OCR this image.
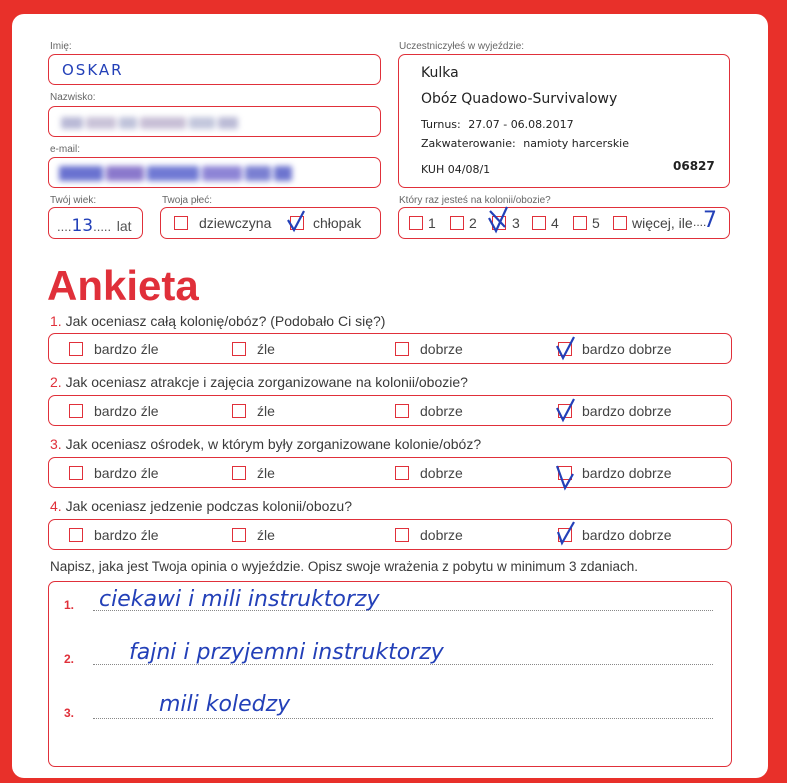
Imię:
OSKAR
Nazwisko:
e-mail:
Twój wiek:
....13..... lat
Twoja płeć:
dziewczyna	chłopak
Uczestniczyłeś w wyjeździe:
Kulka
Obóz Quadowo-Survivalowy
Turnus: 27.07 - 06.08.2017
Zakwaterowanie: namioty harcerskie
KUH 04/08/1	06827
Który raz jesteś na kolonii/obozie?
1 2	3 4 5 więcej, ile ....
7
Ankieta
1. Jak oceniasz całą kolonię/obóz? (Podobało Ci się?)
bardzo źle	źle	dobrze	bardzo dobrze
2. Jak oceniasz atrakcje i zajęcia zorganizowane na kolonii/obozie?
bardzo źle	źle	dobrze	bardzo dobrze
3. Jak oceniasz ośrodek, w którym były zorganizowane kolonie/obóz?
bardzo źle	źle	dobrze	bardzo dobrze
4. Jak oceniasz jedzenie podczas kolonii/obozu?
bardzo źle	źle	dobrze	bardzo dobrze
Napisz, jaka jest Twoja opinia o wyjeździe. Opisz swoje wrażenia z pobytu w minimum 3 zdaniach.
1. ciekawi i mili instruktorzy
2. fajni i przyjemni instruktorzy
3.	mili koledzy
